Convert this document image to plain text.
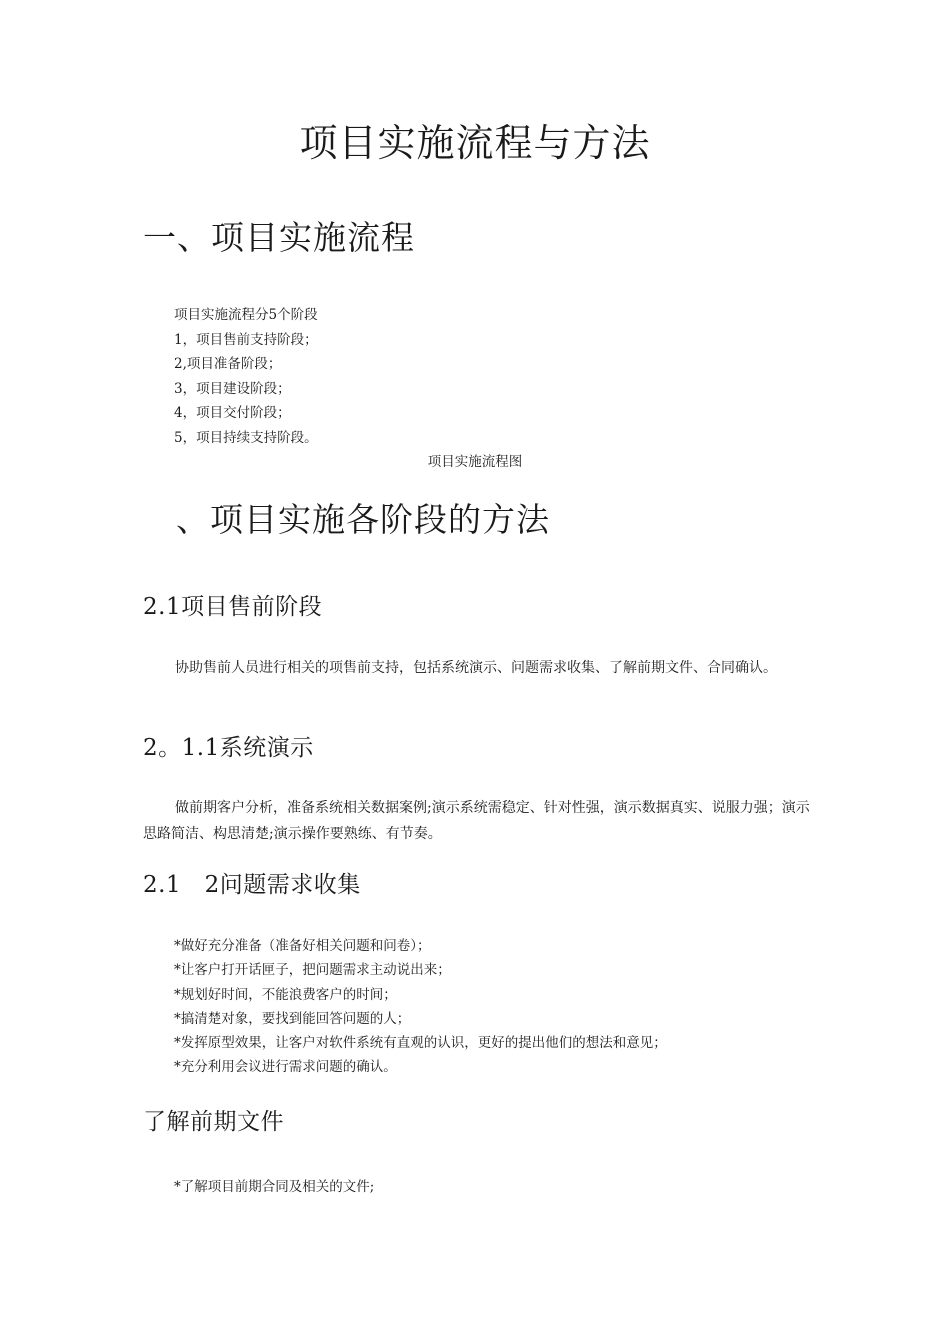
项目实施流程与方法
一、项目实施流程
项目实施流程分5个阶段
1，项目售前支持阶段；
2,项目准备阶段；
3，项目建设阶段；
4，项目交付阶段；
5，项目持续支持阶段。
项目实施流程图
、项目实施各阶段的方法
2.1项目售前阶段
协助售前人员进行相关的项售前支持，包括系统演示、问题需求收集、了解前期文件、合同确认。
2。1.1系统演示
做前期客户分析，准备系统相关数据案例;演示系统需稳定、针对性强，演示数据真实、说服力强；演示思路简洁、构思清楚;演示操作要熟练、有节奏。
2.1　2问题需求收集
*做好充分准备（准备好相关问题和问卷）；
*让客户打开话匣子，把问题需求主动说出来；
*规划好时间，不能浪费客户的时间；
*搞清楚对象，要找到能回答问题的人；
*发挥原型效果，让客户对软件系统有直观的认识，更好的提出他们的想法和意见；
*充分利用会议进行需求问题的确认。
了解前期文件
*了解项目前期合同及相关的文件;
